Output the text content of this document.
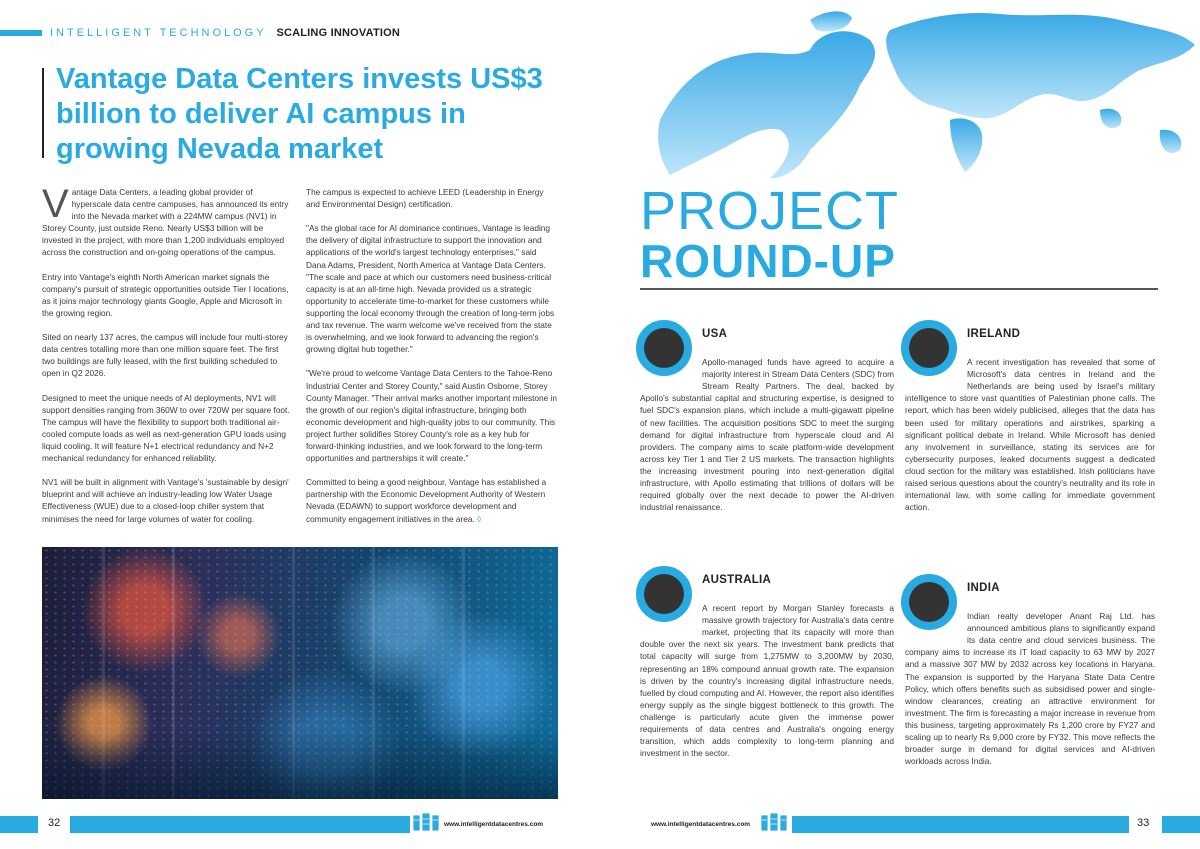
INTELLIGENT TECHNOLOGY SCALING INNOVATION
Vantage Data Centers invests US$3 billion to deliver AI campus in growing Nevada market

Vantage Data Centers, a leading global provider of hyperscale data centre campuses, has announced its entry into the Nevada market with a 224MW campus (NV1) in Storey County, just outside Reno. Nearly US$3 billion will be invested in the project, with more than 1,200 individuals employed across the construction and on-going operations of the campus.

Entry into Vantage's eighth North American market signals the company's pursuit of strategic opportunities outside Tier I locations, as it joins major technology giants Google, Apple and Microsoft in the growing region.

Sited on nearly 137 acres, the campus will include four multi-storey data centres totalling more than one million square feet. The first two buildings are fully leased, with the first building scheduled to open in Q2 2026.

Designed to meet the unique needs of AI deployments, NV1 will support densities ranging from 360W to over 720W per square foot. The campus will have the flexibility to support both traditional air-cooled compute loads as well as next-generation GPU loads using liquid cooling. It will feature N+1 electrical redundancy and N+2 mechanical redundancy for enhanced reliability.

NV1 will be built in alignment with Vantage's 'sustainable by design' blueprint and will achieve an industry-leading low Water Usage Effectiveness (WUE) due to a closed-loop chiller system that minimises the need for large volumes of water for cooling.

The campus is expected to achieve LEED (Leadership in Energy and Environmental Design) certification.

"As the global race for AI dominance continues, Vantage is leading the delivery of digital infrastructure to support the innovation and applications of the world's largest technology enterprises," said Dana Adams, President, North America at Vantage Data Centers. "The scale and pace at which our customers need business-critical capacity is at an all-time high. Nevada provided us a strategic opportunity to accelerate time-to-market for these customers while supporting the local economy through the creation of long-term jobs and tax revenue. The warm welcome we've received from the state is overwhelming, and we look forward to advancing the region's growing digital hub together."

"We're proud to welcome Vantage Data Centers to the Tahoe-Reno Industrial Center and Storey County," said Austin Osborne, Storey County Manager. "Their arrival marks another important milestone in the growth of our region's digital infrastructure, bringing both economic development and high-quality jobs to our community. This project further solidifies Storey County's role as a key hub for forward-thinking industries, and we look forward to the long-term opportunities and partnerships it will create."

Committed to being a good neighbour, Vantage has established a partnership with the Economic Development Authority of Western Nevada (EDAWN) to support workforce development and community engagement initiatives in the area. ◊

32	www.intelligentdatacentres.com
PROJECT
ROUND-UP
USA

Apollo-managed funds have agreed to acquire a majority interest in Stream Data Centers (SDC) from Stream Realty Partners. The deal, backed by Apollo's substantial capital and structuring expertise, is designed to fuel SDC's expansion plans, which include a multi-gigawatt pipeline of new facilities. The acquisition positions SDC to meet the surging demand for digital infrastructure from hyperscale cloud and AI providers. The company aims to scale platform-wide development across key Tier 1 and Tier 2 US markets. The transaction highlights the increasing investment pouring into next-generation digital infrastructure, with Apollo estimating that trillions of dollars will be required globally over the next decade to power the AI-driven industrial renaissance.

IRELAND

A recent investigation has revealed that some of Microsoft's data centres in Ireland and the Netherlands are being used by Israel's military intelligence to store vast quantities of Palestinian phone calls. The report, which has been widely publicised, alleges that the data has been used for military operations and airstrikes, sparking a significant political debate in Ireland. While Microsoft has denied any involvement in surveillance, stating its services are for cybersecurity purposes, leaked documents suggest a dedicated cloud section for the military was established. Irish politicians have raised serious questions about the country's neutrality and its role in international law, with some calling for immediate government action.

AUSTRALIA

A recent report by Morgan Stanley forecasts a massive growth trajectory for Australia's data centre market, projecting that its capacity will more than double over the next six years. The investment bank predicts that total capacity will surge from 1,275MW to 3,200MW by 2030, representing an 18% compound annual growth rate. The expansion is driven by the country's increasing digital infrastructure needs, fuelled by cloud computing and AI. However, the report also identifies energy supply as the single biggest bottleneck to this growth. The challenge is particularly acute given the immense power requirements of data centres and Australia's ongoing energy transition, which adds complexity to long-term planning and investment in the sector.

INDIA

Indian realty developer Anant Raj Ltd. has announced ambitious plans to significantly expand its data centre and cloud services business. The company aims to increase its IT load capacity to 63 MW by 2027 and a massive 307 MW by 2032 across key locations in Haryana. The expansion is supported by the Haryana State Data Centre Policy, which offers benefits such as subsidised power and single-window clearances, creating an attractive environment for investment. The firm is forecasting a major increase in revenue from this business, targeting approximately Rs 1,200 crore by FY27 and scaling up to nearly Rs 9,000 crore by FY32. This move reflects the broader surge in demand for digital services and AI-driven workloads across India.

www.intelligentdatacentres.com	33
